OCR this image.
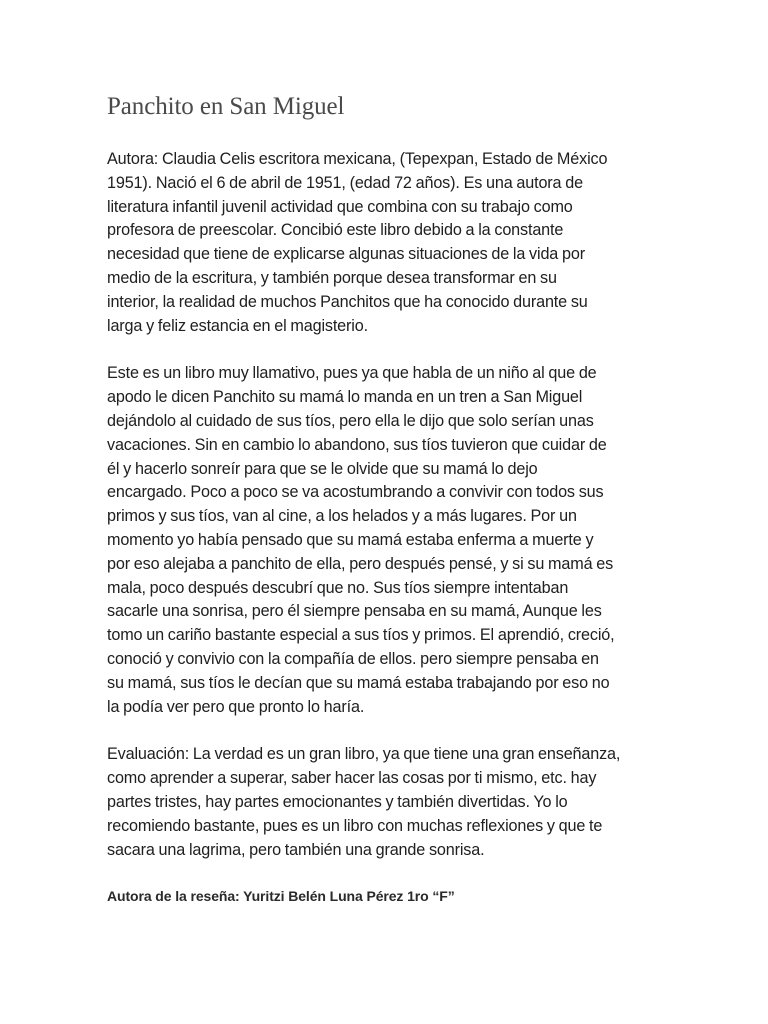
Panchito en San Miguel

Autora: Claudia Celis escritora mexicana, (Tepexpan, Estado de México
1951). Nació el 6 de abril de 1951, (edad 72 años). Es una autora de
literatura infantil juvenil actividad que combina con su trabajo como
profesora de preescolar. Concibió este libro debido a la constante
necesidad que tiene de explicarse algunas situaciones de la vida por
medio de la escritura, y también porque desea transformar en su
interior, la realidad de muchos Panchitos que ha conocido durante su
larga y feliz estancia en el magisterio.

Este es un libro muy llamativo, pues ya que habla de un niño al que de
apodo le dicen Panchito su mamá lo manda en un tren a San Miguel
dejándolo al cuidado de sus tíos, pero ella le dijo que solo serían unas
vacaciones. Sin en cambio lo abandono, sus tíos tuvieron que cuidar de
él y hacerlo sonreír para que se le olvide que su mamá lo dejo
encargado. Poco a poco se va acostumbrando a convivir con todos sus
primos y sus tíos, van al cine, a los helados y a más lugares. Por un
momento yo había pensado que su mamá estaba enferma a muerte y
por eso alejaba a panchito de ella, pero después pensé, y si su mamá es
mala, poco después descubrí que no. Sus tíos siempre intentaban
sacarle una sonrisa, pero él siempre pensaba en su mamá, Aunque les
tomo un cariño bastante especial a sus tíos y primos. El aprendió, creció,
conoció y convivio con la compañía de ellos. pero siempre pensaba en
su mamá, sus tíos le decían que su mamá estaba trabajando por eso no
la podía ver pero que pronto lo haría.

Evaluación: La verdad es un gran libro, ya que tiene una gran enseñanza,
como aprender a superar, saber hacer las cosas por ti mismo, etc. hay
partes tristes, hay partes emocionantes y también divertidas. Yo lo
recomiendo bastante, pues es un libro con muchas reflexiones y que te
sacara una lagrima, pero también una grande sonrisa.

Autora de la reseña: Yuritzi Belén Luna Pérez 1ro “F”
